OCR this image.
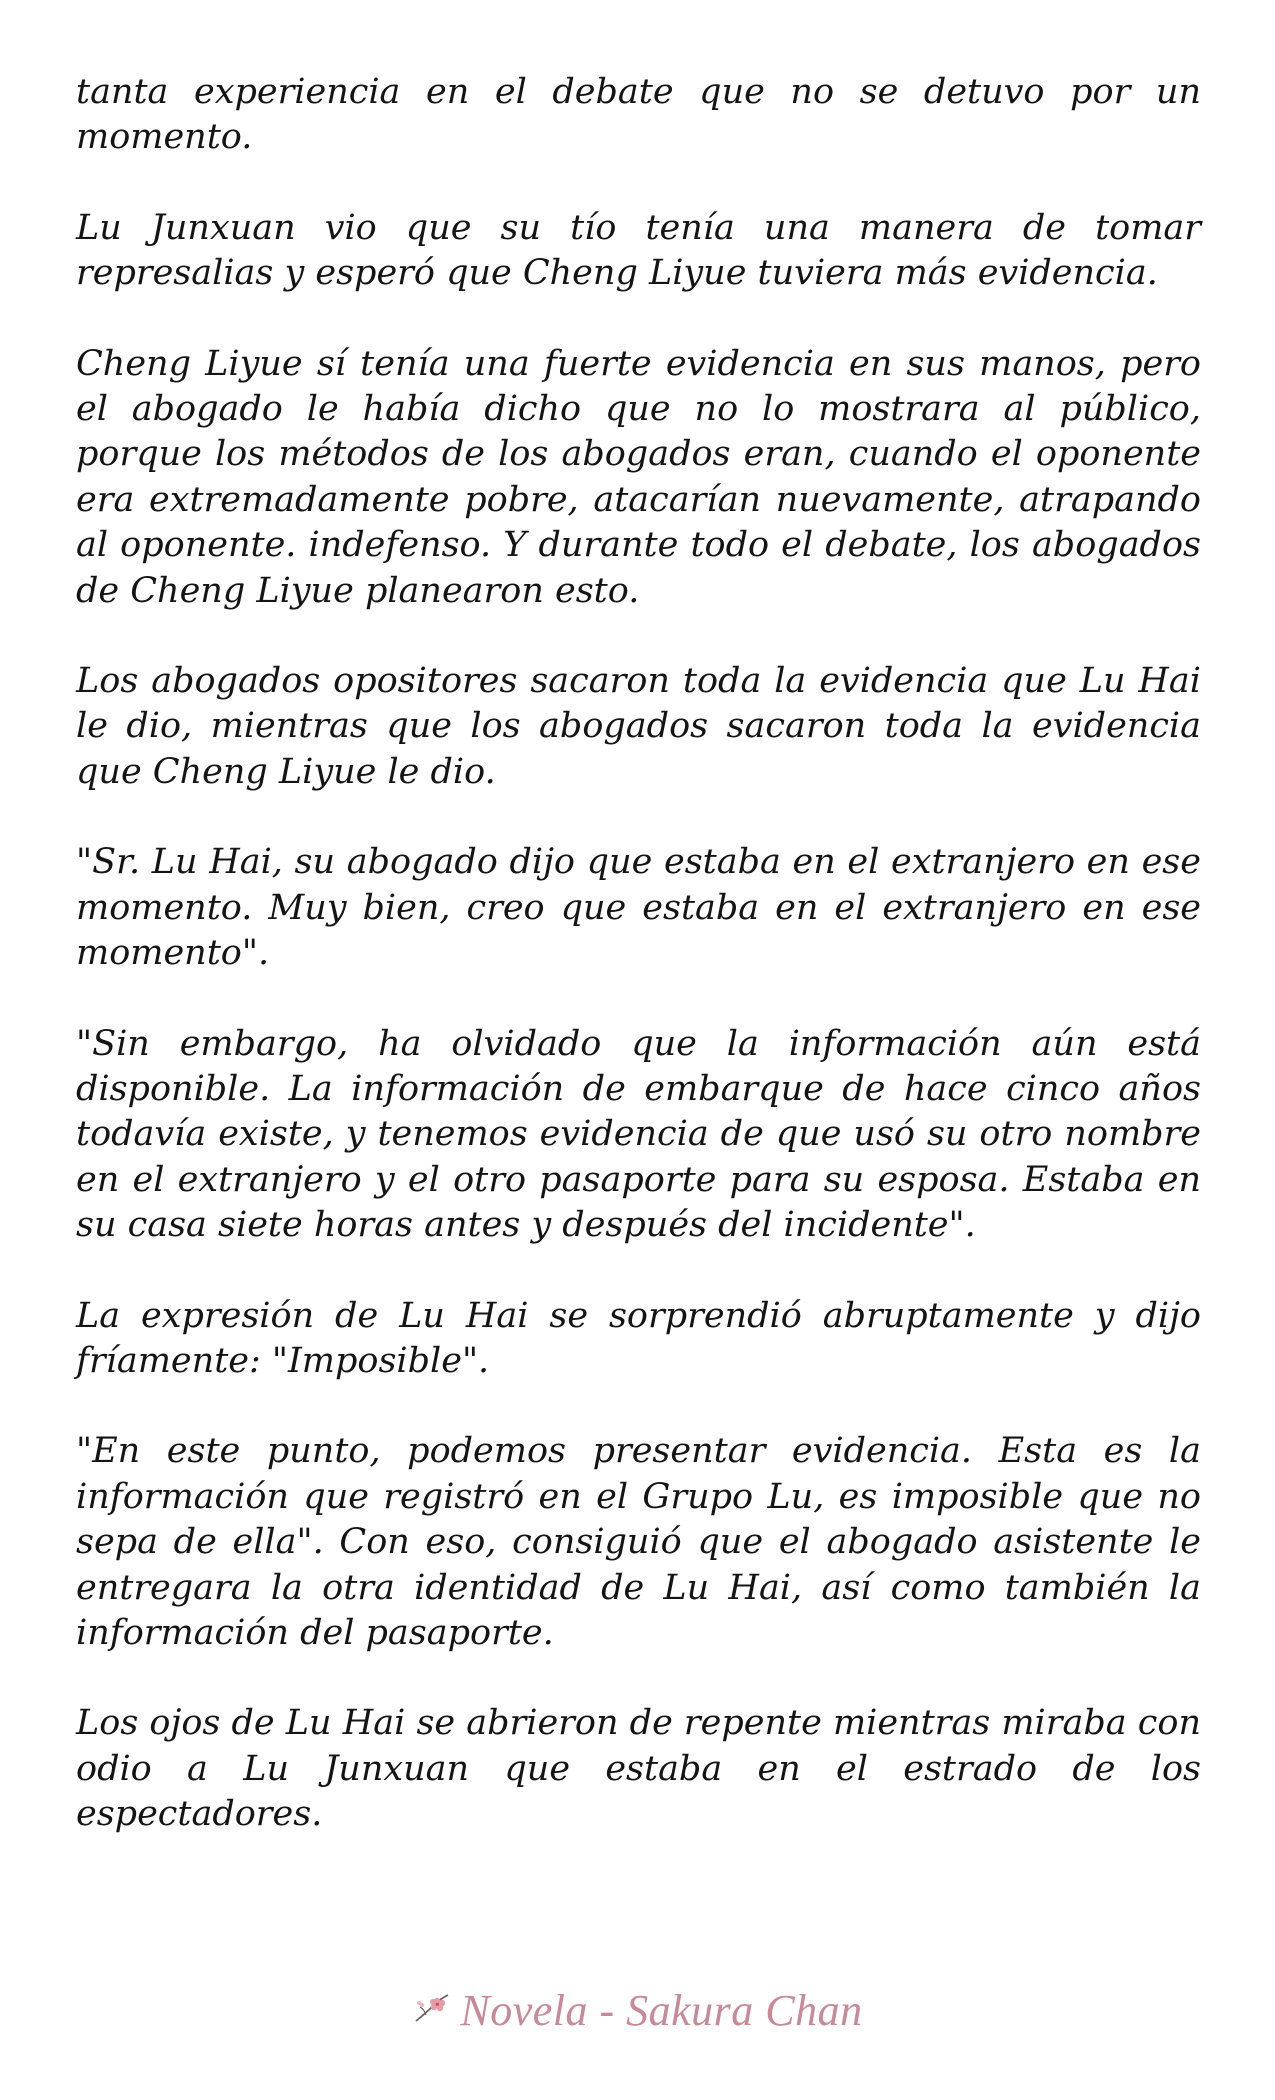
tanta experiencia en el debate que no se detuvo por un momento.

Lu Junxuan vio que su tío tenía una manera de tomar represalias y esperó que Cheng Liyue tuviera más evidencia.

Cheng Liyue sí tenía una fuerte evidencia en sus manos, pero el abogado le había dicho que no lo mostrara al público, porque los métodos de los abogados eran, cuando el oponente era extremadamente pobre, atacarían nuevamente, atrapando al oponente. indefenso. Y durante todo el debate, los abogados de Cheng Liyue planearon esto.

Los abogados opositores sacaron toda la evidencia que Lu Hai le dio, mientras que los abogados sacaron toda la evidencia que Cheng Liyue le dio.

"Sr. Lu Hai, su abogado dijo que estaba en el extranjero en ese momento. Muy bien, creo que estaba en el extranjero en ese momento".

"Sin embargo, ha olvidado que la información aún está disponible. La información de embarque de hace cinco años todavía existe, y tenemos evidencia de que usó su otro nombre en el extranjero y el otro pasaporte para su esposa. Estaba en su casa siete horas antes y después del incidente".

La expresión de Lu Hai se sorprendió abruptamente y dijo fríamente: "Imposible".

"En este punto, podemos presentar evidencia. Esta es la información que registró en el Grupo Lu, es imposible que no sepa de ella". Con eso, consiguió que el abogado asistente le entregara la otra identidad de Lu Hai, así como también la información del pasaporte.

Los ojos de Lu Hai se abrieron de repente mientras miraba con odio a Lu Junxuan que estaba en el estrado de los espectadores.

Novela - Sakura Chan
